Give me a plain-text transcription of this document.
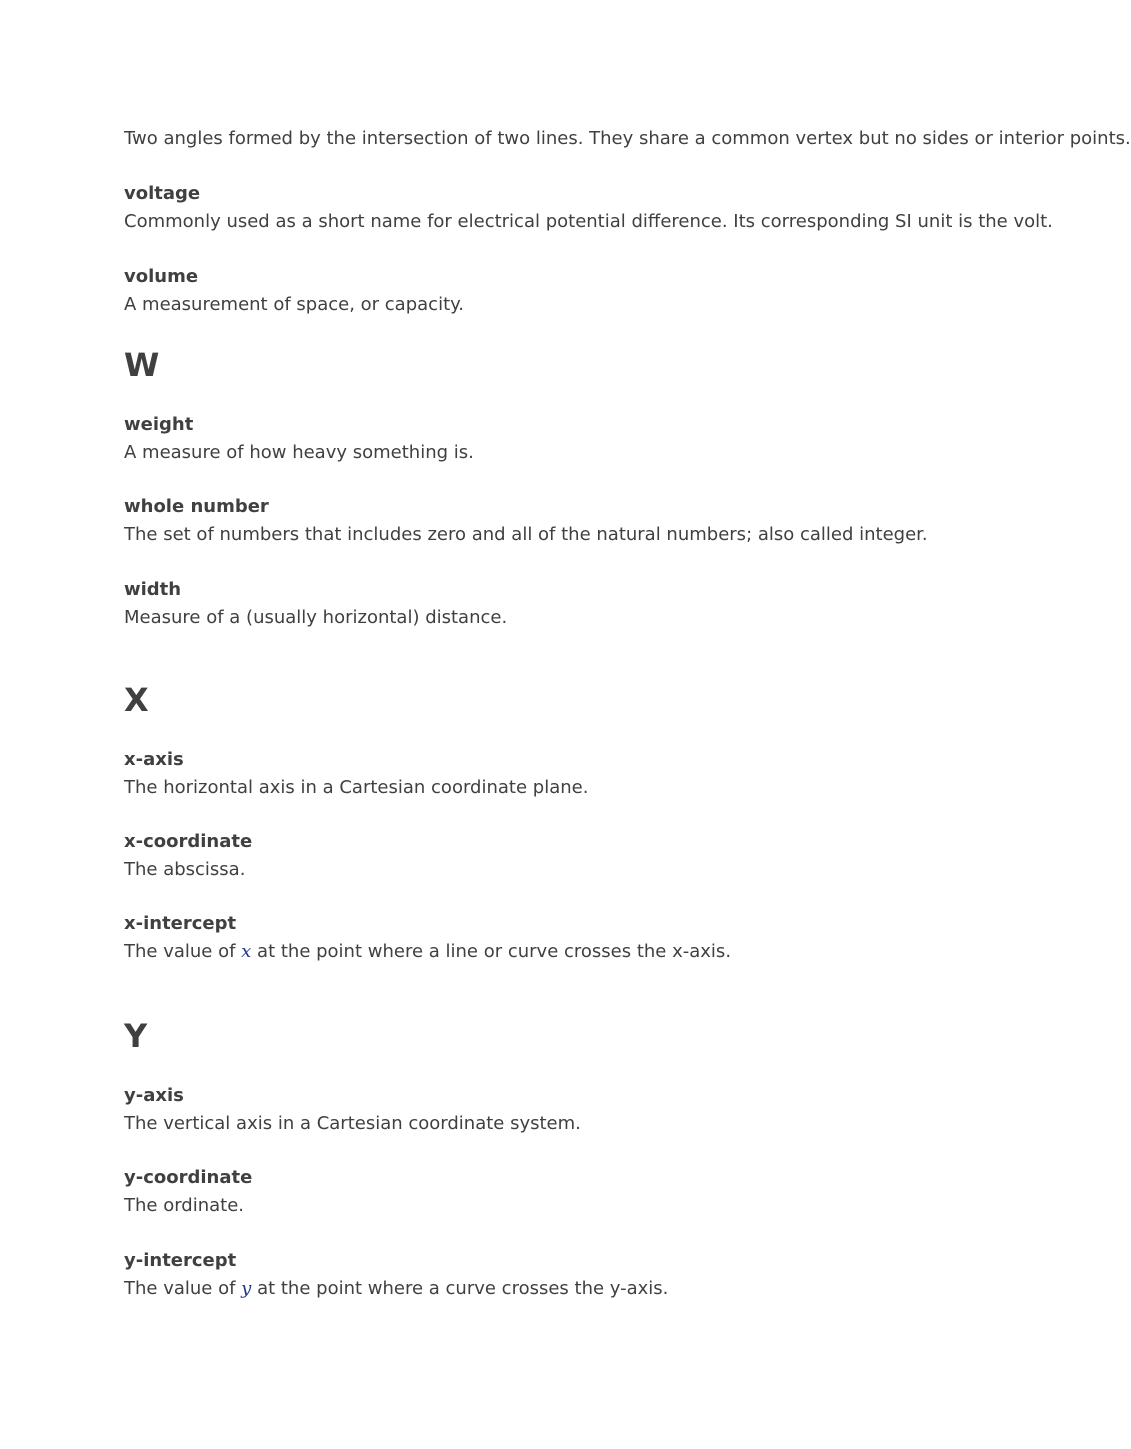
Two angles formed by the intersection of two lines. They share a common vertex but no sides or interior points.
voltage
Commonly used as a short name for electrical potential difference. Its corresponding SI unit is the volt.
volume
A measurement of space, or capacity.
W
weight
A measure of how heavy something is.
whole number
The set of numbers that includes zero and all of the natural numbers; also called integer.
width
Measure of a (usually horizontal) distance.
X
x-axis
The horizontal axis in a Cartesian coordinate plane.
x-coordinate
The abscissa.
x-intercept
The value of x at the point where a line or curve crosses the x-axis.
Y
y-axis
The vertical axis in a Cartesian coordinate system.
y-coordinate
The ordinate.
y-intercept
The value of y at the point where a curve crosses the y-axis.
